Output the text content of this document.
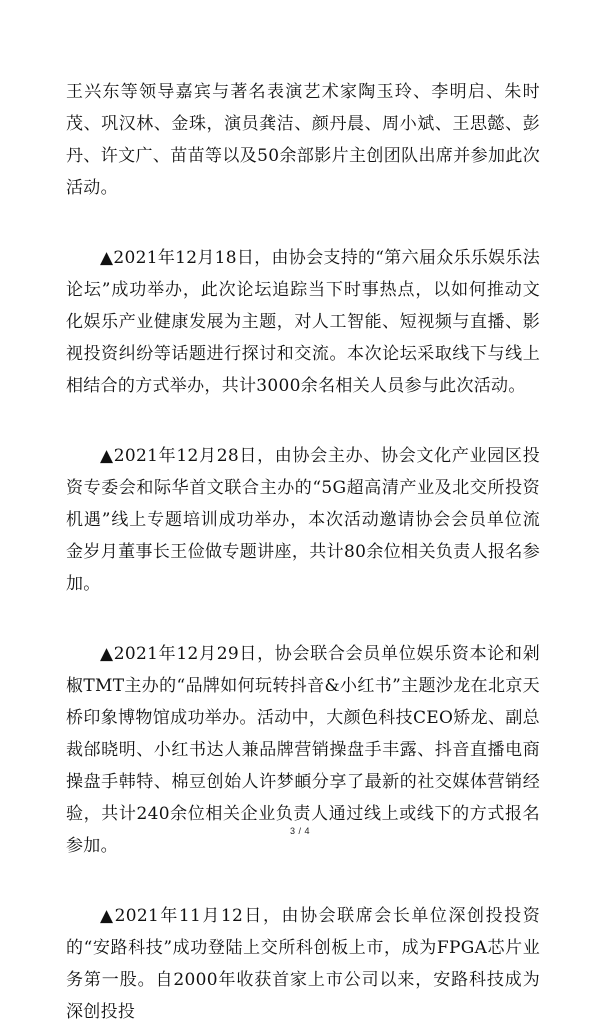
王兴东等领导嘉宾与著名表演艺术家陶玉玲、李明启、朱时茂、巩汉林、金珠，演员龚洁、颜丹晨、周小斌、王思懿、彭丹、许文广、苗苗等以及50余部影片主创团队出席并参加此次活动。

▲2021年12月18日，由协会支持的“第六届众乐乐娱乐法论坛”成功举办，此次论坛追踪当下时事热点，以如何推动文化娱乐产业健康发展为主题，对人工智能、短视频与直播、影视投资纠纷等话题进行探讨和交流。本次论坛采取线下与线上相结合的方式举办，共计3000余名相关人员参与此次活动。

▲2021年12月28日，由协会主办、协会文化产业园区投资专委会和际华首文联合主办的“5G超高清产业及北交所投资机遇”线上专题培训成功举办，本次活动邀请协会会员单位流金岁月董事长王俭做专题讲座，共计80余位相关负责人报名参加。

▲2021年12月29日，协会联合会员单位娱乐资本论和剁椒TMT主办的“品牌如何玩转抖音&小红书”主题沙龙在北京天桥印象博物馆成功举办。活动中，大颜色科技CEO矫龙、副总裁邰晓明、小红书达人兼品牌营销操盘手丰露、抖音直播电商操盘手韩特、棉豆创始人许梦頔分享了最新的社交媒体营销经验，共计240余位相关企业负责人通过线上或线下的方式报名参加。

▲2021年11月12日，由协会联席会长单位深创投投资的“安路科技”成功登陆上交所科创板上市，成为FPGA芯片业务第一股。自2000年收获首家上市公司以来，安路科技成为深创投投

3 / 4
